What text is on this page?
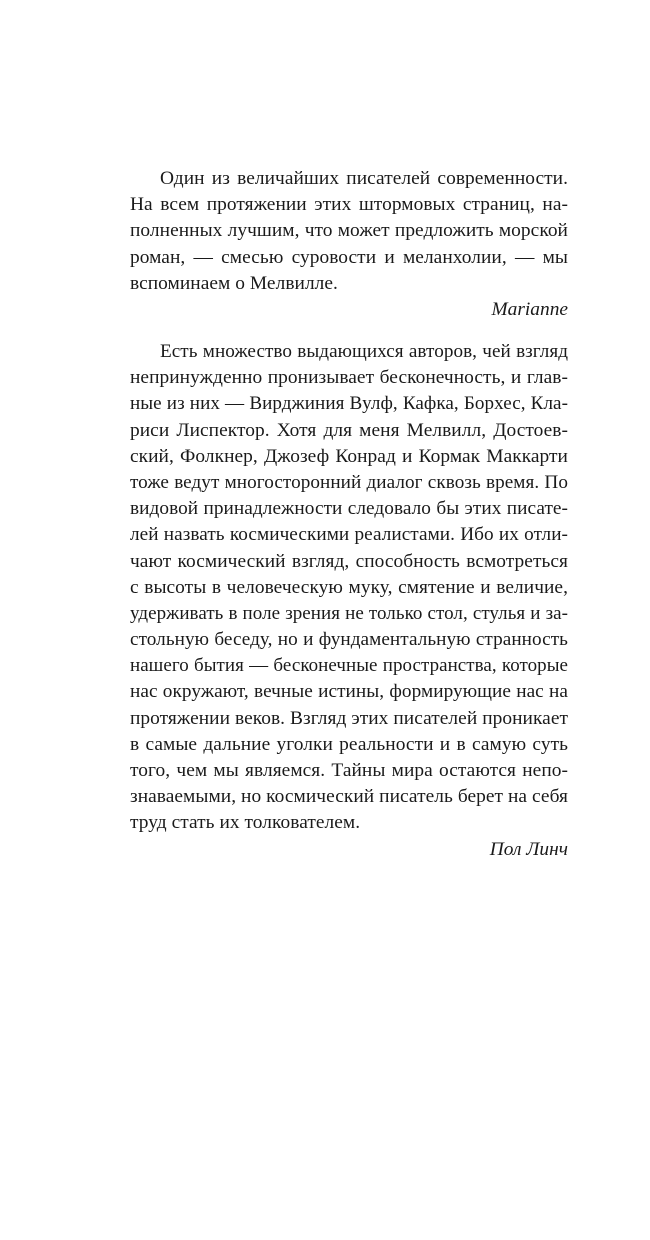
Один из величайших писателей современности.
На всем протяжении этих штормовых страниц, на-
полненных лучшим, что может предложить морской
роман, — смесью суровости и меланхолии, — мы
вспоминаем о Мелвилле.

Marianne

Есть множество выдающихся авторов, чей взгляд
непринужденно пронизывает бесконечность, и глав-
ные из них — Вирджиния Вулф, Кафка, Борхес, Кла-
риси Лиспектор. Хотя для меня Мелвилл, Достоев-
ский, Фолкнер, Джозеф Конрад и Кормак Маккарти
тоже ведут многосторонний диалог сквозь время. По
видовой принадлежности следовало бы этих писате-
лей назвать космическими реалистами. Ибо их отли-
чают космический взгляд, способность всмотреться
с высоты в человеческую муку, смятение и величие,
удерживать в поле зрения не только стол, стулья и за-
стольную беседу, но и фундаментальную странность
нашего бытия — бесконечные пространства, которые
нас окружают, вечные истины, формирующие нас на
протяжении веков. Взгляд этих писателей проникает
в самые дальние уголки реальности и в самую суть
того, чем мы являемся. Тайны мира остаются непо-
знаваемыми, но космический писатель берет на себя
труд стать их толкователем.

Пол Линч
